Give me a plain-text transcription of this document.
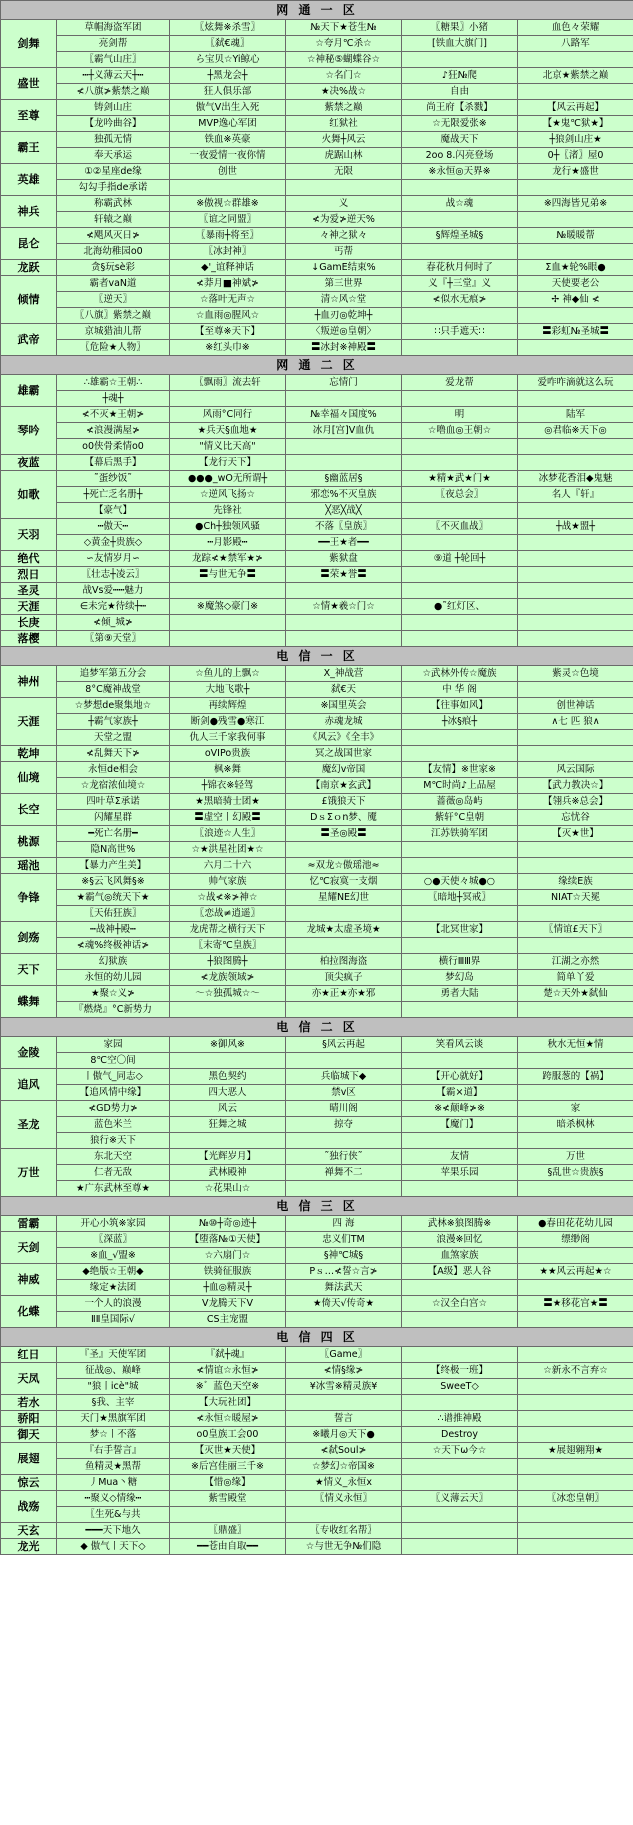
网 通 一 区					
剑舞	草帽海盗军团	〖炫舞※杀雪〗	№天下★苍生№	〖糖果〗小猪	血色々荣耀
	亮剑帮	〖弑€魂〗	☆夸月℃杀☆	[铁血大旗门]	八路军
	〖霸气山庄〗	ら宝贝☆Yi鲸心	☆神秘⑤蝴蝶谷☆		
盛世	┅┼义薄云天┼┅	┼黑龙会┼	☆名门☆	♪狂№爬	北京★紫禁之巅
	≮八旗≯紫禁之巅	狂人俱乐部	★决%战☆	自由	
至尊	铸剑山庄	傲气V出生入死	紫禁之巅	尚王府【杀戮】	【风云再起】
	【龙吟曲谷】	MVP逸心军团	红狱社	☆无限爱张※	【★鬼℃狱★】
霸王	独孤无情	铁血※英豪	火舞┼风云	魔战天下	┼狼剑山庄★
	奉天承运	一夜爱情一夜你情	虎踞山林	2oo 8.闪亮登场	0┼〖渚〗屋0
英雄	①②星座de缘	创世	无限	※永恒◎天界※	龙行★盛世
	勾勾手指de承诺				
神兵	称霸武林	※傲视☆群雄※	义	战☆魂	※四海皆兄弟※
	轩辕之巅	〖谊之同盟〗	≮为爱≯逆天%		
昆仑	≮飓风灭日≯	〖暴雨┼将至〗	々神之狱々	§辉煌圣城§	№暖暖帮
	北海幼稚园o0	〖冰封神〗	丐帮		
龙跃	贪§玩sè彩	◆'_谊释神话	↓GamE结束%	春花秋月何时了	Σ血★轮%眼●
倾情	霸者vaN道	≮莽月■神斌≯	第三世界	义『┼三堂』义	天使要老公
	〖逆天〗	☆落叶无声☆	清☆风☆堂	≮似水无痕≯	✢ 神◆仙 ≮
	〖八旗〗紫禁之巅	☆血雨◎腥风☆	┼血刃◎乾坤┼		
武帝	京城猎油儿帮	【至尊※天下】	〈叛逆◎皇朝〉	∷只手遮天∷	〓彩虹№圣城〓
	〖危险★人物〗	※红头巾※	〓冰封※神殿〓		
网 通 二 区					
雄霸	∴雄霸☆王朝∴	〖飘雨〗流去轩	忘情门	爱龙帮	爱咋咋滴就这么玩
	┼魂┼				
琴吟	≮不灭★王朝≯	风雨°C同行	№幸福々国度%	明	陆军
	≮浪漫满屋≯	★兵天§血地★	冰月[宫]V血仇	☆噜血◎王朝☆	◎君临※天下◎
	o0侠骨柔情o0	"情义比天高"			
夜蓝	【幕后黑手】	【龙行天下】			
如歌	˜蛋纱饭˜	●●●_wO无所谓┼	§幽蓝居§	★精★武★门★	冰梦花香泪◆鬼魅
	┼死亡乏名册┼	☆逆风飞扬☆	邪恋%不灭皇族	〖夜总会〗	名人『轩』
	【豪气】	先锋社	╳恶╳战╳		
天羽	┅傲天┅	●Ch┼独领风骚	不落〖皇族〗	〖不灭血战〗	┼战★盟┼
	◇黄金┼贵族◇	┅月影殿┅	━━王★者━━		
绝代	∽友情岁月∽	龙踪≮★禁军★≯	紫狱盘	⑨道 ┼轮回┼	
烈日	〖壮志┼凌云〗	〓与世无争〓	〓荣★誉〓		
圣灵	战Vs爱┅┅魅力				
天涯	∈未完★待续┼┅	※魔煞◇豪门※	☆情★羲☆门☆	●˜红灯区、	
长庚	≮倾_城≯				
落樱	〖第⑨天堂〗				
电 信 一 区					
神州	追梦军第五分会	☆鱼儿的上飘☆	X_神战营	☆武林外传☆魔族	紫灵☆色境
	8°C魔神战堂	大地飞歌┼	弑€天	中 华 阁	
天涯	☆梦想de聚集地☆	再续辉煌	※国里英会	【往事如风】	创世神话
	┼霸气家族┼	断剑●残雪●寒江	赤魂龙城	┼冰§痕┼	∧七 匹 狼∧
	天堂之盟	仇人三千家我何事	《风云》《全丰》		
乾坤	≮乱舞天下≯	oVIPo贵族	冥之战国世家		
仙境	永恒de相会	枫※舞	魔幻v帝国	【友情】※世家※	风云国际
	☆龙宿浓仙境☆	┼锦衣※轻驾	【南京★玄武】	M℃时尚♪上品屋	【武力教决☆】
长空	四叶草Σ承诺	★黑暗骑士团★	£饿狼天下	蔷薇◎岛屿	【翎兵※总会】
	闪耀星群	〓虚空丨幻殿〓	DｓΣｏn梦、魇	紫轩°C皇朝	忘忧谷
桃源	━死亡名册━	〖浪迹☆人生〗	〓圣◎殿〓	江苏铁骑军团	【灭★世】
	隐N高世%	☆★洪星社团★☆			
瑶池	【暴力产生美】	六月二十六	≈双龙☆傲瑶池≈		
争锋	※§云飞风舞§※	帅气家族	忆℃寂寞一支烟	○●天使々城●○	缘续E族
	★霸气◎统天下★	☆战≮※≯神☆	星耀NE幻世	〖暗地┼冥戒〗	NIAT☆天冕
	〖天佑狂族〗	〖恋战≠逍遥〗			
剑殇	┅战神┼殿┅	龙虎帮之横行天下	龙城★太虚圣境★	【北冥世家】	〖情谊£天下〗
	≮魂%终极神话≯	〖末寄℃皇族〗			
天下	幻狱族	┼狼图腾┼	柏拉图海盗	横行ⅢⅢ界	江湖之亦然
	永恒的幼儿园	≮龙族领域≯	顶尖疯子	梦幻岛	简单丫爱
蝶舞	★聚☆义≯	～☆独孤城☆～	亦★正★亦★邪	勇者大陆	楚☆天外★弑仙
	『燃烧』°C新势力				
电 信 二 区					
金陵	家园	※御风※	§风云再起	笑看风云谈	秋水无恒★情
	8℃空〇间				
追风	丨傲气_同志◇	黑色契约	兵临城下◆	【开心就好】	跨服葱的【祸】
	【追风情中缘】	四大恶人	禁v区	【霸×道】	
圣龙	≮GD势力≯	风云	晴川阁	※≮颠峰≯※	家
	蓝色米兰	狂舞之城	掠夺	【魔门】	暗杀枫林
	狼行※天下				
万世	东北天空	【光辉岁月】	˜独行侠˜	友情	万世
	仁者无敌	武林殿神	禅舞不二	苹果乐园	§乱世☆贵族§
	★广东武林至尊★	☆花果山☆			
电 信 三 区					
雷霸	开心小筑※家园	№⑩┼奇◎迹┼	四 海	武林※狼图腾※	●春田花花幼儿园
天剑	〖深蓝〗	【堕落№①天使】	忠义们TM	浪漫※回忆	缥缈阁
	※血_√盟※	☆六扇门☆	§神℃城§	血煞家族	
神威	◆绝版☆王朝◆	铁骑征服族	Pｓ…≮誓☆言≯	【A级】恶人谷	★★风云再起★☆
	缘定★法团	┼血◎精灵┼	舞法武天		
化蝶	一个人的浪漫	V龙腾天下V	★倚天√传奇★	☆汉全白宫☆	〓★移花宫★〓
	ⅡⅡ皇国际√	CS主宠盟			
电 信 四 区					
红日	『圣』天使军团	『弑┼魂』	〖Game〗		
天凤	征战◎、巅峰	≮情谊☆永恒≯	≮情§缘≯	【终极一班】	☆新永不言弃☆
	"狼丨icè"城	※゛蓝色天空※	¥冰雪※精灵族¥	SweeT◇	
若水	§我、主宰	【大玩社团】			
骄阳	天门★黑旗军团	≮永恒☆暖屋≯	誓言	∴谱推神殿	
御天	梦☆丨不落	o0皇族工会00	※曦月◎天下●	Destroy	
展翅	『右手誓言』	【灭世★天使】	≮弑Soul≯	☆天下ω今☆	★展翅翱翔★
	鱼精灵★黑帮	※后宫佳丽三千※	☆梦幻☆帝国※		
惊云	丿Mua丶糖	【惜◎缘】	★情义_永恒x		
战殇	┅聚义◇情缘┅	紫雪殿堂	〖情义永恒〗	〖义薄云天〗	〖冰恋皇朝〗
	〖生死&与共				
天玄	━━━天下地久	〖鼎盛〗	〖专收红名帮〗		
龙光	◆ 傲气丨天下◇	━━苍由自取━━	☆与世无争№们隐		
